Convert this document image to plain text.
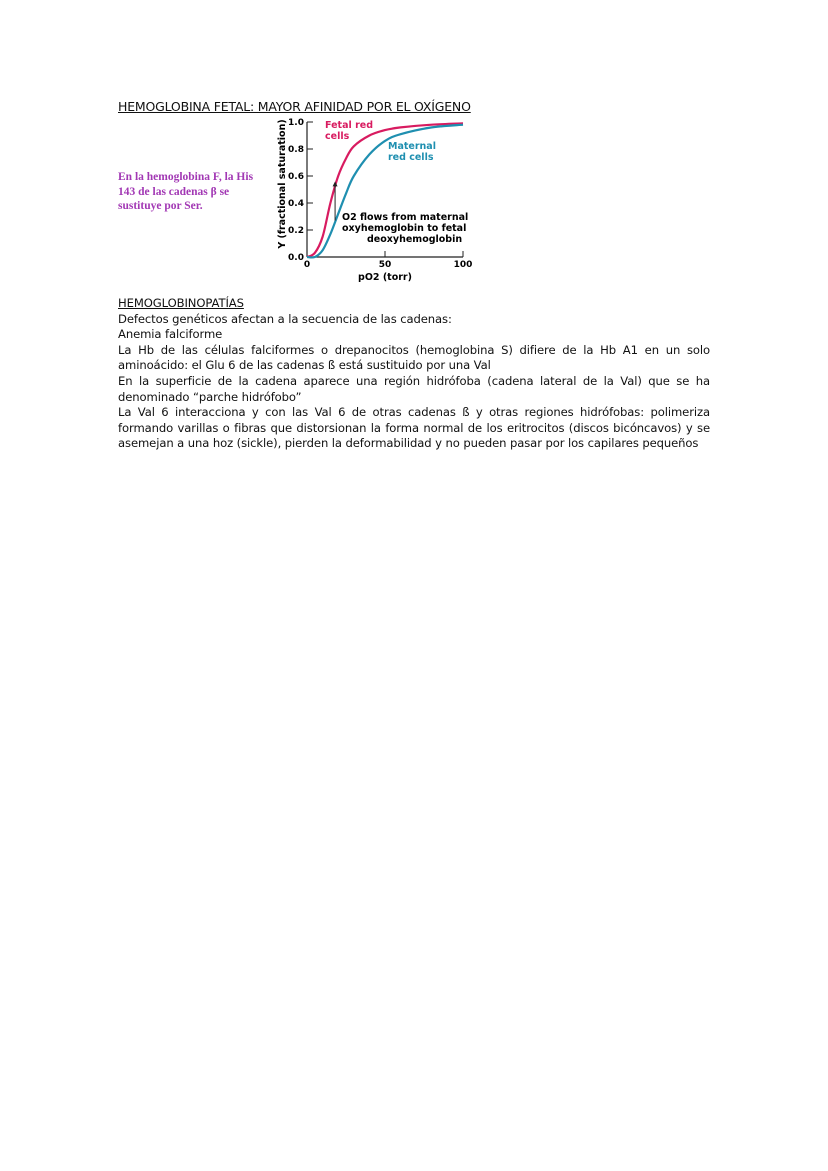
HEMOGLOBINA FETAL: MAYOR AFINIDAD POR EL OXÍGENO
En la hemoglobina F, la His 143 de las cadenas β se sustituye por Ser.	Y (fractional saturation)
pO2 (torr)
0.0
0.2
0.4
0.6
0.8
1.0
0	50	100
Fetal red cells
Maternal red cells
O2 flows from maternal oxyhemoglobin to fetal deoxyhemoglobin
HEMOGLOBINOPATÍAS
Defectos genéticos afectan a la secuencia de las cadenas:
Anemia falciforme
La Hb de las células falciformes o drepanocitos (hemoglobina S) difiere de la Hb A1 en un solo aminoácido: el Glu 6 de las cadenas ß está sustituido por una Val
En la superficie de la cadena aparece una región hidrófoba (cadena lateral de la Val) que se ha denominado “parche hidrófobo”
La Val 6 interacciona y con las Val 6 de otras cadenas ß y otras regiones hidrófobas: polimeriza formando varillas o fibras que distorsionan la forma normal de los eritrocitos (discos bicóncavos) y se asemejan a una hoz (sickle), pierden la deformabilidad y no pueden pasar por los capilares pequeños
